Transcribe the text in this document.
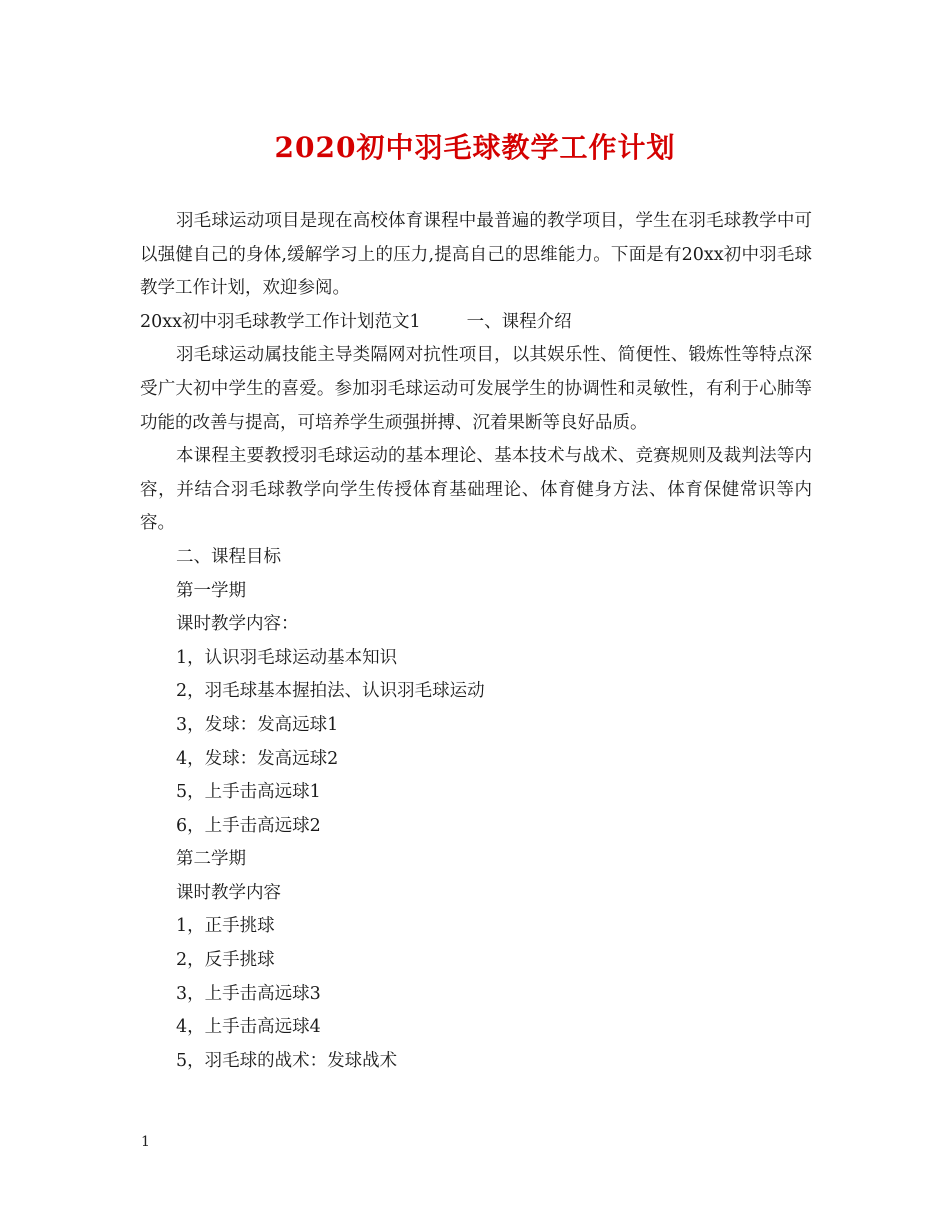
2020初中羽毛球教学工作计划

羽毛球运动项目是现在高校体育课程中最普遍的教学项目，学生在羽毛球教学中可以强健自己的身体,缓解学习上的压力,提高自己的思维能力。下面是有20xx初中羽毛球教学工作计划，欢迎参阅。

20xx初中羽毛球教学工作计划范文1	一、课程介绍

羽毛球运动属技能主导类隔网对抗性项目，以其娱乐性、简便性、锻炼性等特点深受广大初中学生的喜爱。参加羽毛球运动可发展学生的协调性和灵敏性，有利于心肺等功能的改善与提高，可培养学生顽强拼搏、沉着果断等良好品质。

本课程主要教授羽毛球运动的基本理论、基本技术与战术、竞赛规则及裁判法等内容，并结合羽毛球教学向学生传授体育基础理论、体育健身方法、体育保健常识等内容。

二、课程目标

第一学期

课时教学内容：

1，认识羽毛球运动基本知识

2，羽毛球基本握拍法、认识羽毛球运动

3，发球：发高远球1

4，发球：发高远球2

5，上手击高远球1

6，上手击高远球2

第二学期

课时教学内容

1，正手挑球

2，反手挑球

3，上手击高远球3

4，上手击高远球4

5，羽毛球的战术：发球战术

1
